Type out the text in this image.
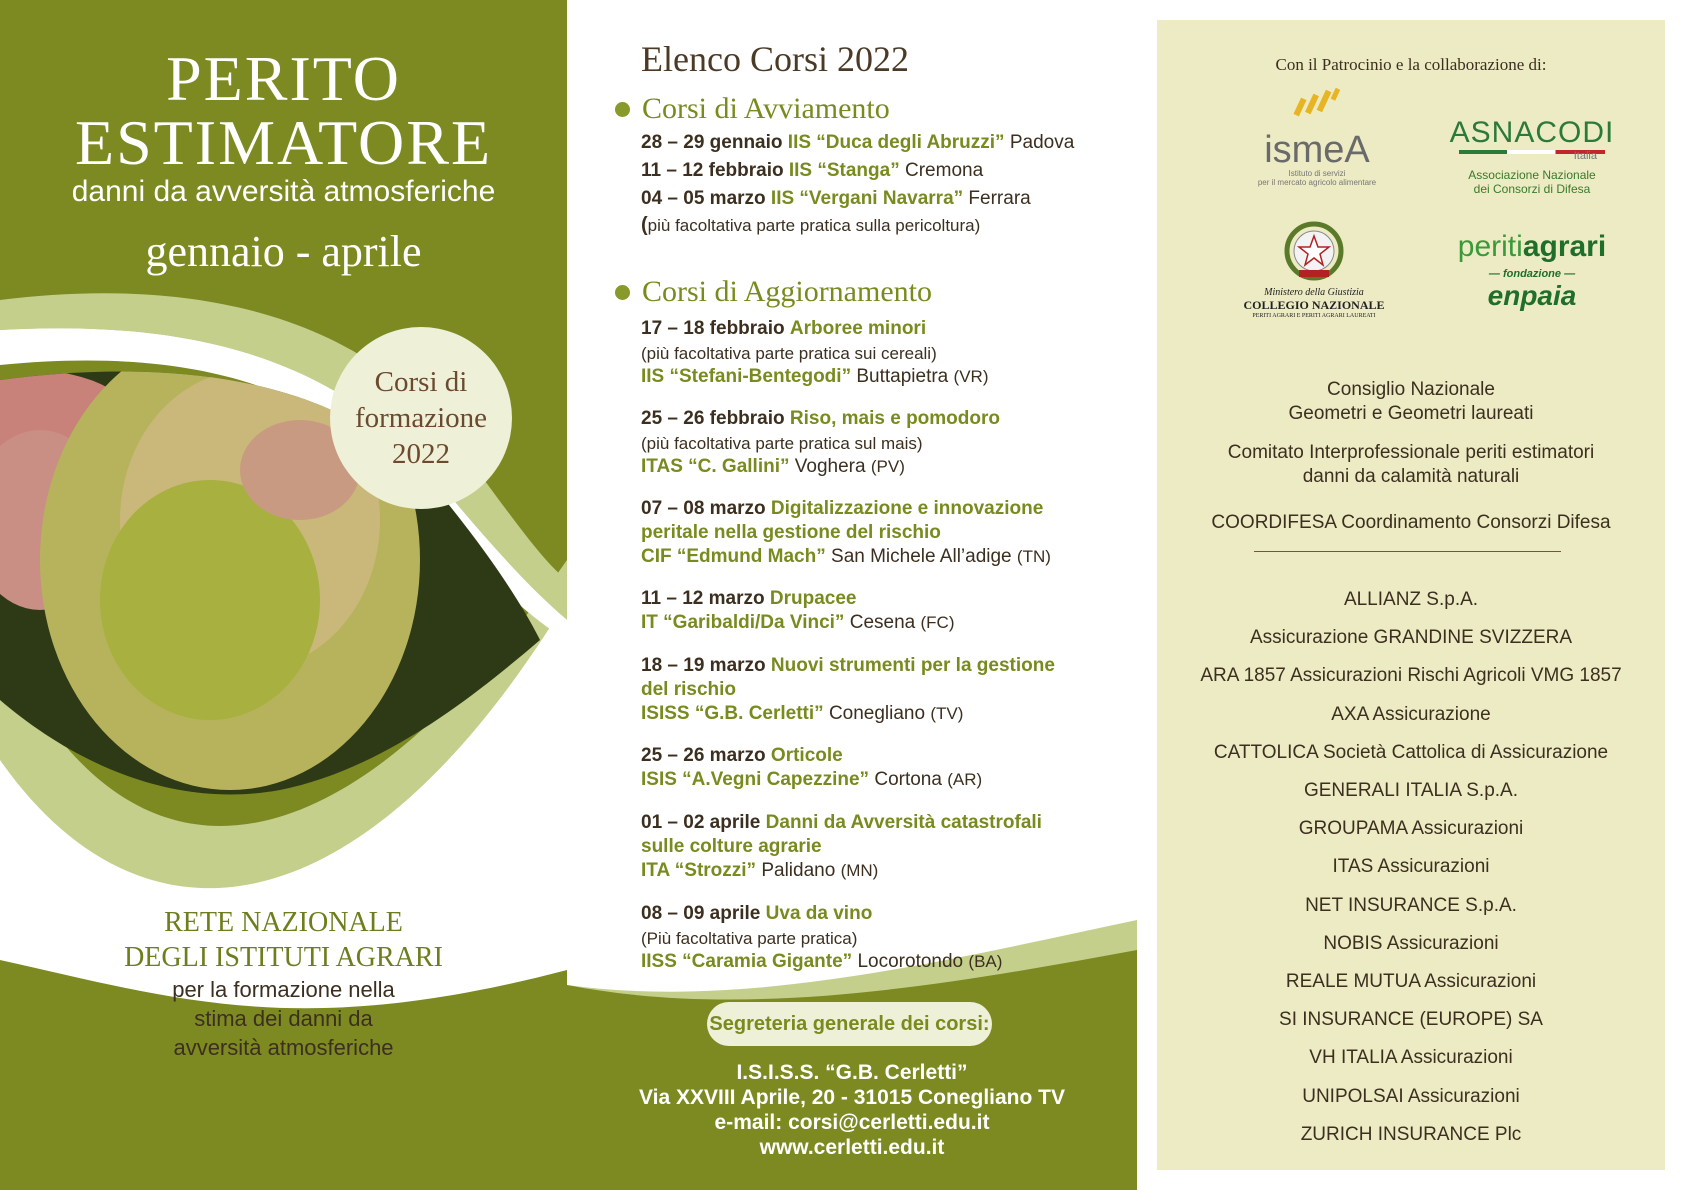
PERITO
ESTIMATORE
danni da avversità atmosferiche
gennaio - aprile
Corsi di
formazione
2022
RETE NAZIONALE
DEGLI ISTITUTI AGRARI
per la formazione nella
stima dei danni da
avversità atmosferiche
Elenco Corsi 2022
Corsi di Avviamento
28 – 29 gennaio IIS “Duca degli Abruzzi” Padova
11 – 12 febbraio IIS “Stanga” Cremona
04 – 05 marzo IIS “Vergani Navarra” Ferrara
(più facoltativa parte pratica sulla pericoltura)
Corsi di Aggiornamento
17 – 18 febbraio Arboree minori
(più facoltativa parte pratica sui cereali)
IIS “Stefani-Bentegodi” Buttapietra (VR)
25 – 26 febbraio Riso, mais e pomodoro
(più facoltativa parte pratica sul mais)
ITAS “C. Gallini” Voghera (PV)
07 – 08 marzo Digitalizzazione e innovazione
peritale nella gestione del rischio
CIF “Edmund Mach” San Michele All’adige (TN)
11 – 12 marzo Drupacee
IT “Garibaldi/Da Vinci” Cesena (FC)
18 – 19 marzo Nuovi strumenti per la gestione
del rischio
ISISS “G.B. Cerletti” Conegliano (TV)
25 – 26 marzo Orticole
ISIS “A.Vegni Capezzine” Cortona (AR)
01 – 02 aprile Danni da Avversità catastrofali
sulle colture agrarie
ITA “Strozzi” Palidano (MN)
08 – 09 aprile Uva da vino
(Più facoltativa parte pratica)
IISS “Caramia Gigante” Locorotondo (BA)
Segreteria generale dei corsi:
I.S.I.S.S. “G.B. Cerletti”
Via XXVIII Aprile, 20 - 31015 Conegliano TV
e-mail: corsi@cerletti.edu.it
www.cerletti.edu.it
Con il Patrocinio e la collaborazione di:
ismeA
Istituto di servizi
per il mercato agricolo alimentare
ASNACODI
Italia
Associazione Nazionale
dei Consorzi di Difesa
Ministero della Giustizia
COLLEGIO NAZIONALE
PERITI AGRARI E PERITI AGRARI LAUREATI
peritiagrari
— fondazione —
enpaia
Consiglio Nazionale
Geometri e Geometri laureati
Comitato Interprofessionale periti estimatori
danni da calamità naturali
COORDIFESA Coordinamento Consorzi Difesa
ALLIANZ S.p.A.
Assicurazione GRANDINE SVIZZERA
ARA 1857 Assicurazioni Rischi Agricoli VMG 1857
AXA Assicurazione
CATTOLICA Società Cattolica di Assicurazione
GENERALI ITALIA S.p.A.
GROUPAMA Assicurazioni
ITAS Assicurazioni
NET INSURANCE S.p.A.
NOBIS Assicurazioni
REALE MUTUA Assicurazioni
SI INSURANCE (EUROPE) SA
VH ITALIA Assicurazioni
UNIPOLSAI Assicurazioni
ZURICH INSURANCE Plc
